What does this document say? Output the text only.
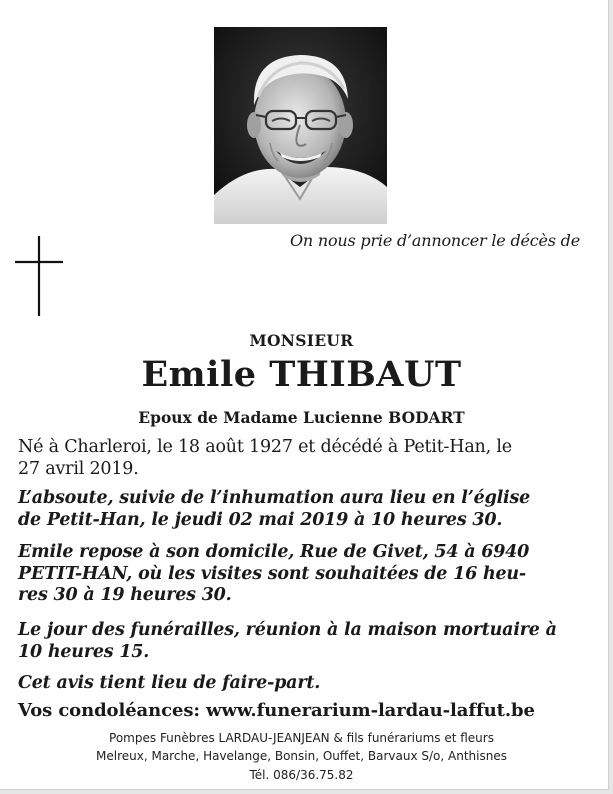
On nous prie d’annoncer le décès de
MONSIEUR
Emile THIBAUT
Epoux de Madame Lucienne BODART
Né à Charleroi, le 18 août 1927 et décédé à Petit-Han, le
27 avril 2019.
L’absoute, suivie de l’inhumation aura lieu en l’église
de Petit-Han, le jeudi 02 mai 2019 à 10 heures 30.
Emile repose à son domicile, Rue de Givet, 54 à 6940
PETIT-HAN, où les visites sont souhaitées de 16 heu-
res 30 à 19 heures 30.
Le jour des funérailles, réunion à la maison mortuaire à
10 heures 15.
Cet avis tient lieu de faire-part.
Vos condoléances: www.funerarium-lardau-laffut.be
Pompes Funèbres LARDAU-JEANJEAN & fils funérariums et fleurs
Melreux, Marche, Havelange, Bonsin, Ouffet, Barvaux S/o, Anthisnes
Tél. 086/36.75.82
